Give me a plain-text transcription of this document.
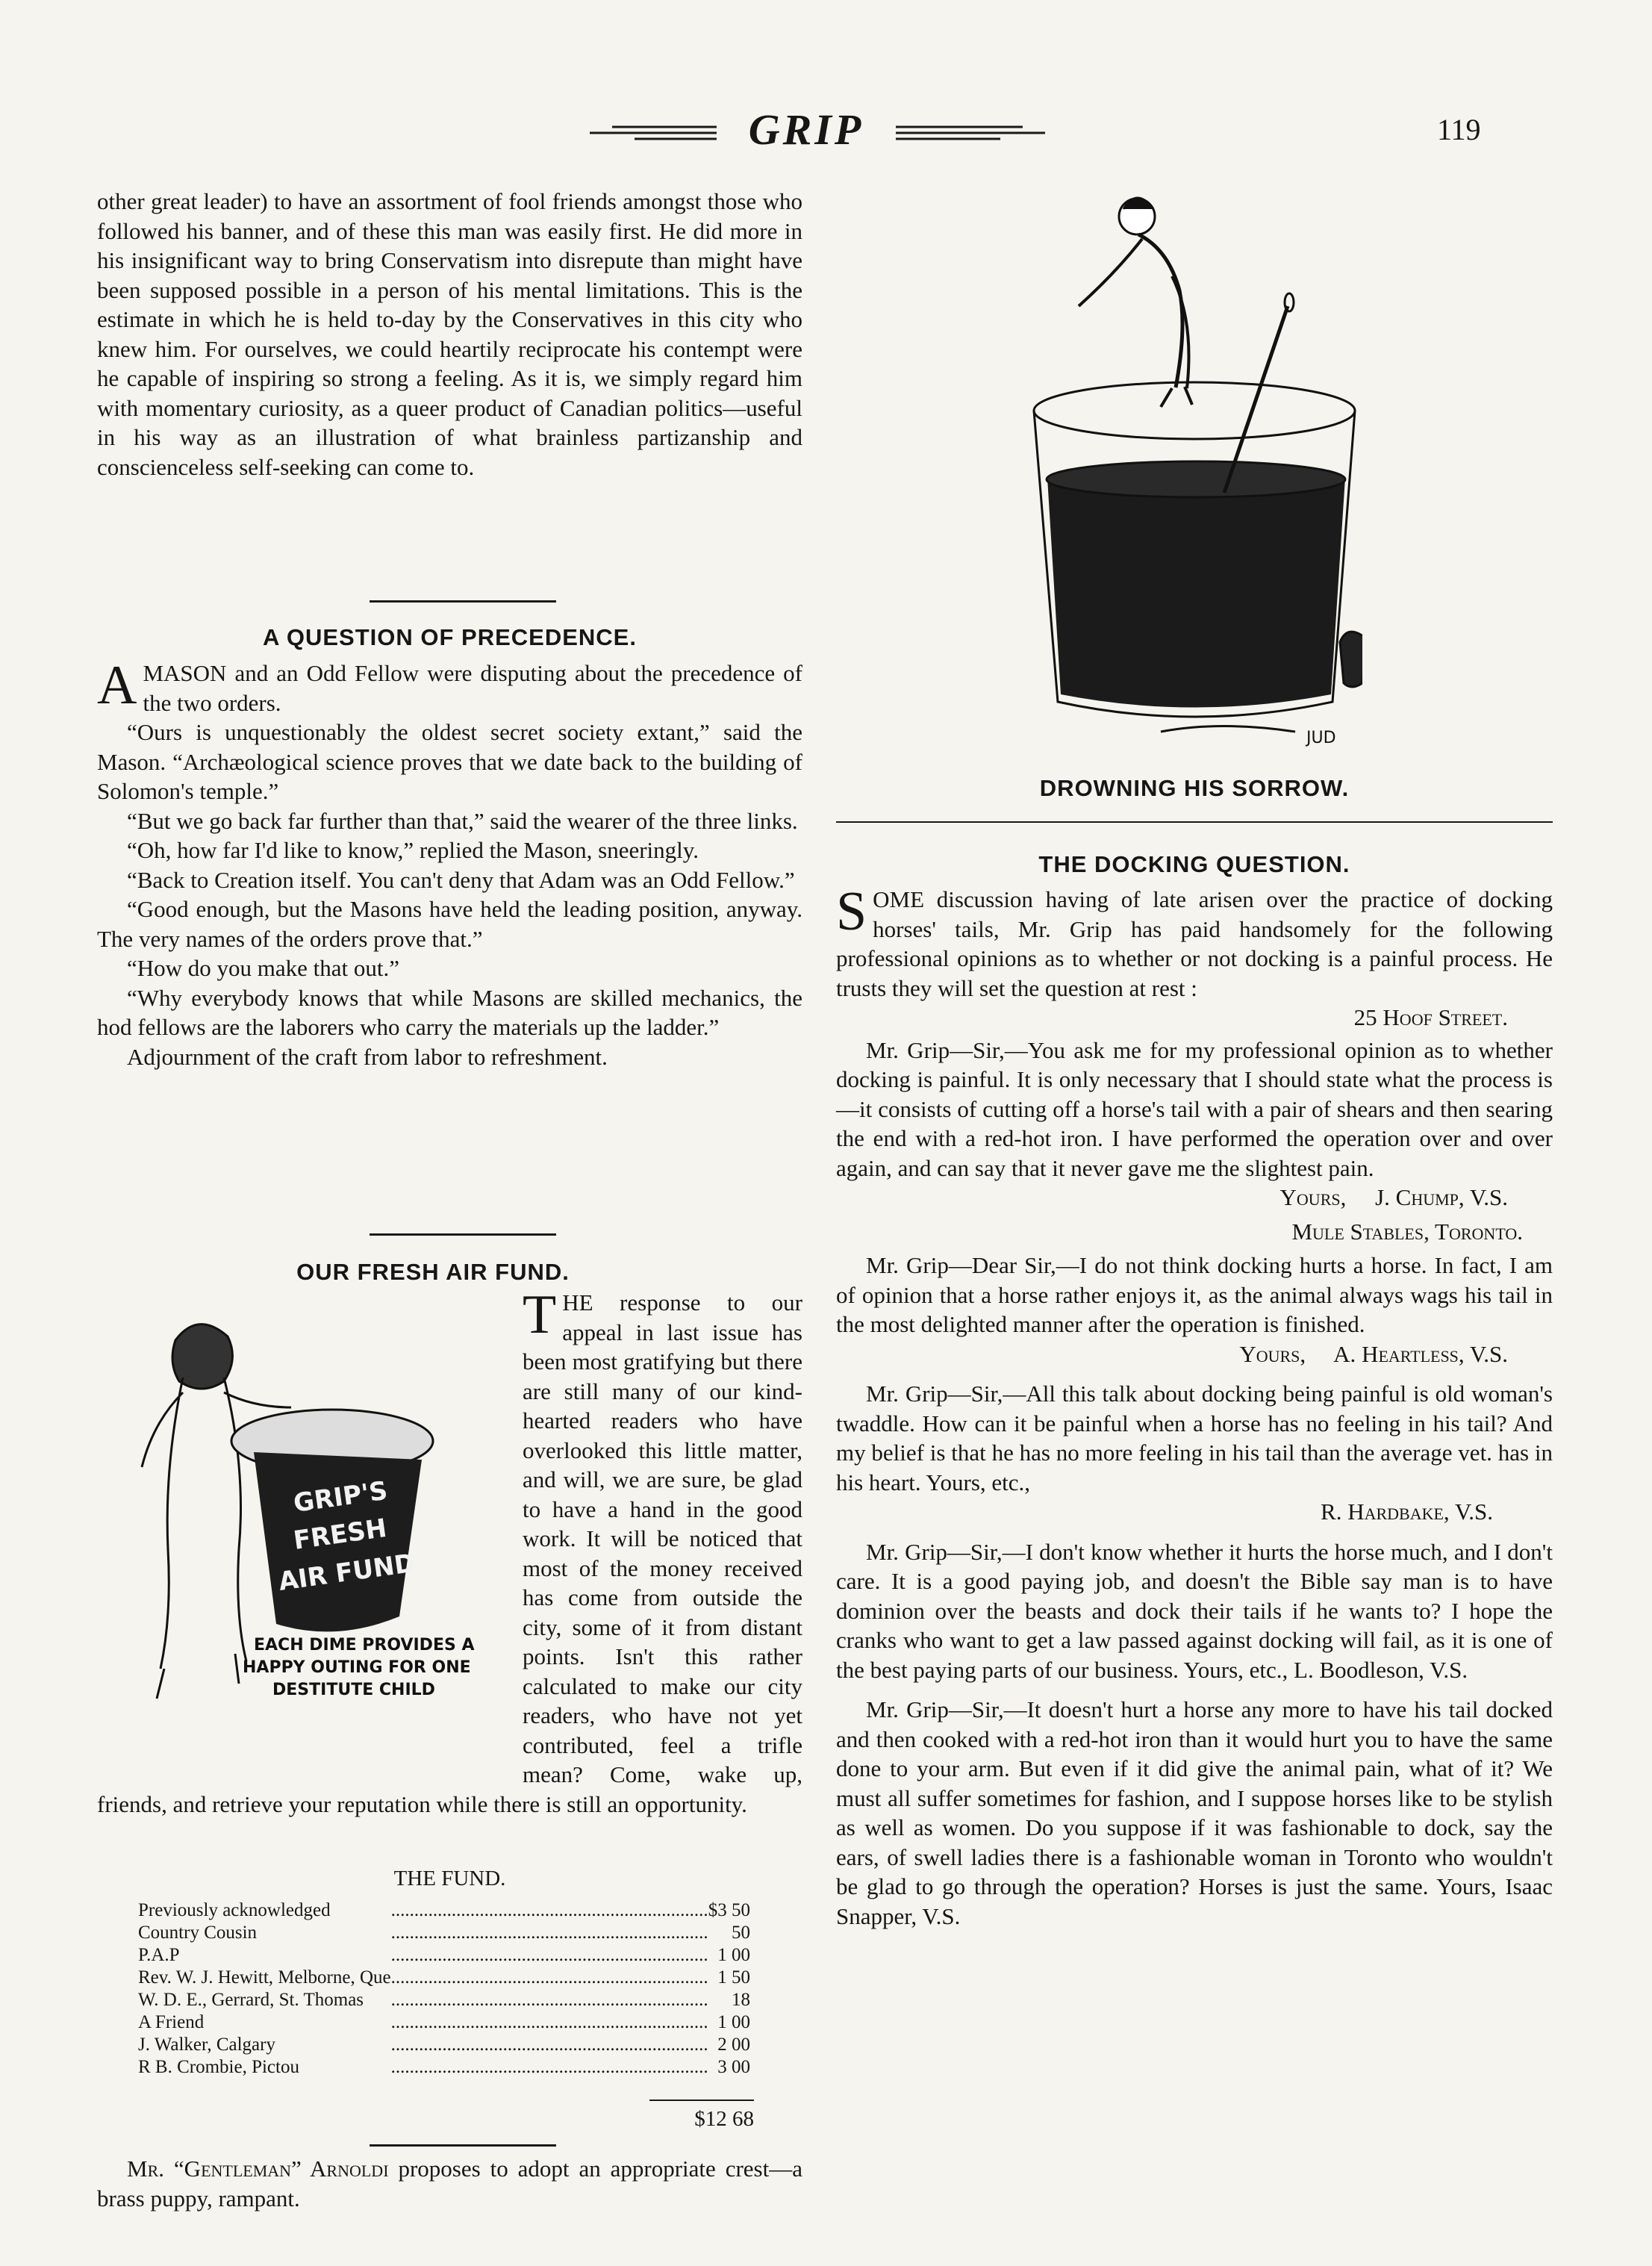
GRIP	119

other great leader) to have an assortment of fool friends amongst those who followed his banner, and of these this man was easily first. He did more in his insignificant way to bring Conservatism into disrepute than might have been supposed possible in a person of his mental limitations. This is the estimate in which he is held to-day by the Conservatives in this city who knew him. For ourselves, we could heartily reciprocate his contempt were he capable of inspiring so strong a feeling. As it is, we simply regard him with momentary curiosity, as a queer product of Canadian politics—useful in his way as an illustration of what brainless partizanship and conscienceless self-seeking can come to.

A QUESTION OF PRECEDENCE.

A MASON and an Odd Fellow were disputing about the precedence of the two orders.

“Ours is unquestionably the oldest secret society extant,” said the Mason. “Archæological science proves that we date back to the building of Solomon's temple.”

“But we go back far further than that,” said the wearer of the three links.

“Oh, how far I'd like to know,” replied the Mason, sneeringly.

“Back to Creation itself. You can't deny that Adam was an Odd Fellow.”

“Good enough, but the Masons have held the leading position, anyway. The very names of the orders prove that.”

“How do you make that out.”

“Why everybody knows that while Masons are skilled mechanics, the hod fellows are the laborers who carry the materials up the ladder.”

Adjournment of the craft from labor to refreshment.

OUR FRESH AIR FUND.
GRIP'S
FRESH
AIR FUND
EACH DIME PROVIDES A
HAPPY OUTING FOR ONE
DESTITUTE CHILD

T HE response to our appeal in last issue has been most gratifying but there are still many of our kind-hearted readers who have overlooked this little matter, and will, we are sure, be glad to have a hand in the good work. It will be noticed that most of the money received has come from outside the city, some of it from distant points. Isn't this rather calculated to make our city readers, who have not yet contributed, feel a trifle mean? Come, wake up, friends, and retrieve your reputation while there is still an opportunity.

THE FUND.
Previously acknowledged	....................................................................	$3 50
Country Cousin	....................................................................	50
P.A.P	....................................................................	1 00
Rev. W. J. Hewitt, Melborne, Que	....................................................................	1 50
W. D. E., Gerrard, St. Thomas	....................................................................	18
A Friend	....................................................................	1 00
J. Walker, Calgary	....................................................................	2 00
R B. Crombie, Pictou	....................................................................	3 00
$12 68

Mr. “Gentleman” Arnoldi proposes to adopt an appropriate crest—a brass puppy, rampant.

JUD
DROWNING HIS SORROW.
THE DOCKING QUESTION.

S OME discussion having of late arisen over the practice of docking horses' tails, Mr. Grip has paid handsomely for the following professional opinions as to whether or not docking is a painful process. He trusts they will set the question at rest :

25 Hoof Street.

Mr. Grip—Sir,—You ask me for my professional opinion as to whether docking is painful. It is only necessary that I should state what the process is—it consists of cutting off a horse's tail with a pair of shears and then searing the end with a red-hot iron. I have performed the operation over and over again, and can say that it never gave me the slightest pain.

Yours,     J. Chump, V.S.

Mule Stables, Toronto.

Mr. Grip—Dear Sir,—I do not think docking hurts a horse. In fact, I am of opinion that a horse rather enjoys it, as the animal always wags his tail in the most delighted manner after the operation is finished.

Yours,     A. Heartless, V.S.

Mr. Grip—Sir,—All this talk about docking being painful is old woman's twaddle. How can it be painful when a horse has no feeling in his tail? And my belief is that he has no more feeling in his tail than the average vet. has in his heart. Yours, etc.,

R. Hardbake, V.S.

Mr. Grip—Sir,—I don't know whether it hurts the horse much, and I don't care. It is a good paying job, and doesn't the Bible say man is to have dominion over the beasts and dock their tails if he wants to? I hope the cranks who want to get a law passed against docking will fail, as it is one of the best paying parts of our business. Yours, etc., L. Boodleson, V.S.

Mr. Grip—Sir,—It doesn't hurt a horse any more to have his tail docked and then cooked with a red-hot iron than it would hurt you to have the same done to your arm. But even if it did give the animal pain, what of it? We must all suffer sometimes for fashion, and I suppose horses like to be stylish as well as women. Do you suppose if it was fashionable to dock, say the ears, of swell ladies there is a fashionable woman in Toronto who wouldn't be glad to go through the operation? Horses is just the same. Yours, Isaac Snapper, V.S.
